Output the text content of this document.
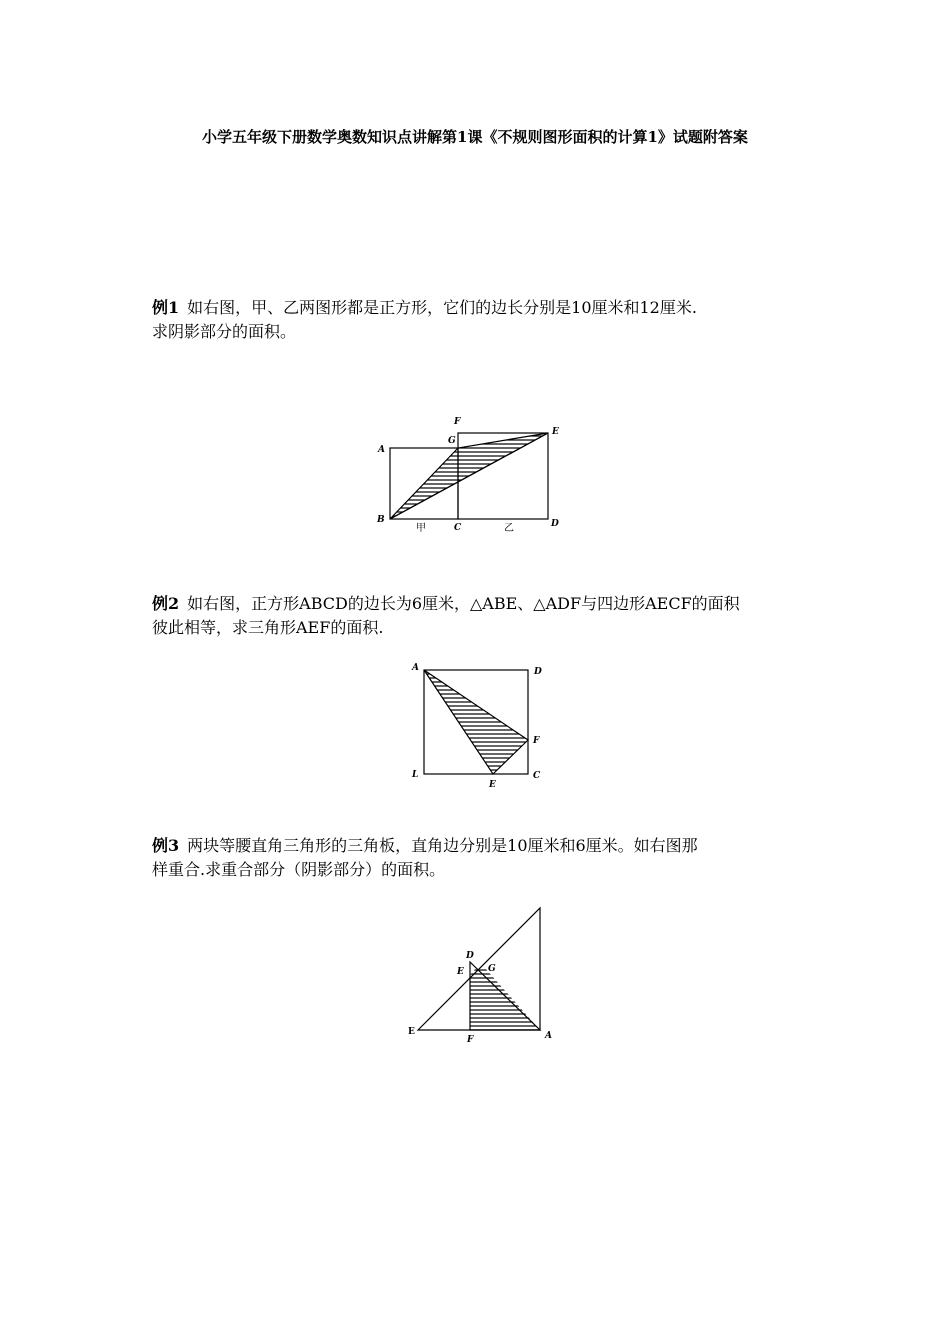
小学五年级下册数学奥数知识点讲解第1课《不规则图形面积的计算1》试题附答案
例1 如右图，甲、乙两图形都是正方形，它们的边长分别是10厘米和12厘米.
求阴影部分的面积。
A
B
C	D
E
F
G
甲	乙
例2 如右图，正方形ABCD的边长为6厘米，△ABE、△ADF与四边形AECF的面积
彼此相等，求三角形AEF的面积.
A	D
L	C
F
E
例3 两块等腰直角三角形的三角板，直角边分别是10厘米和6厘米。如右图那
样重合.求重合部分（阴影部分）的面积。
D
E	G
E
F	A
